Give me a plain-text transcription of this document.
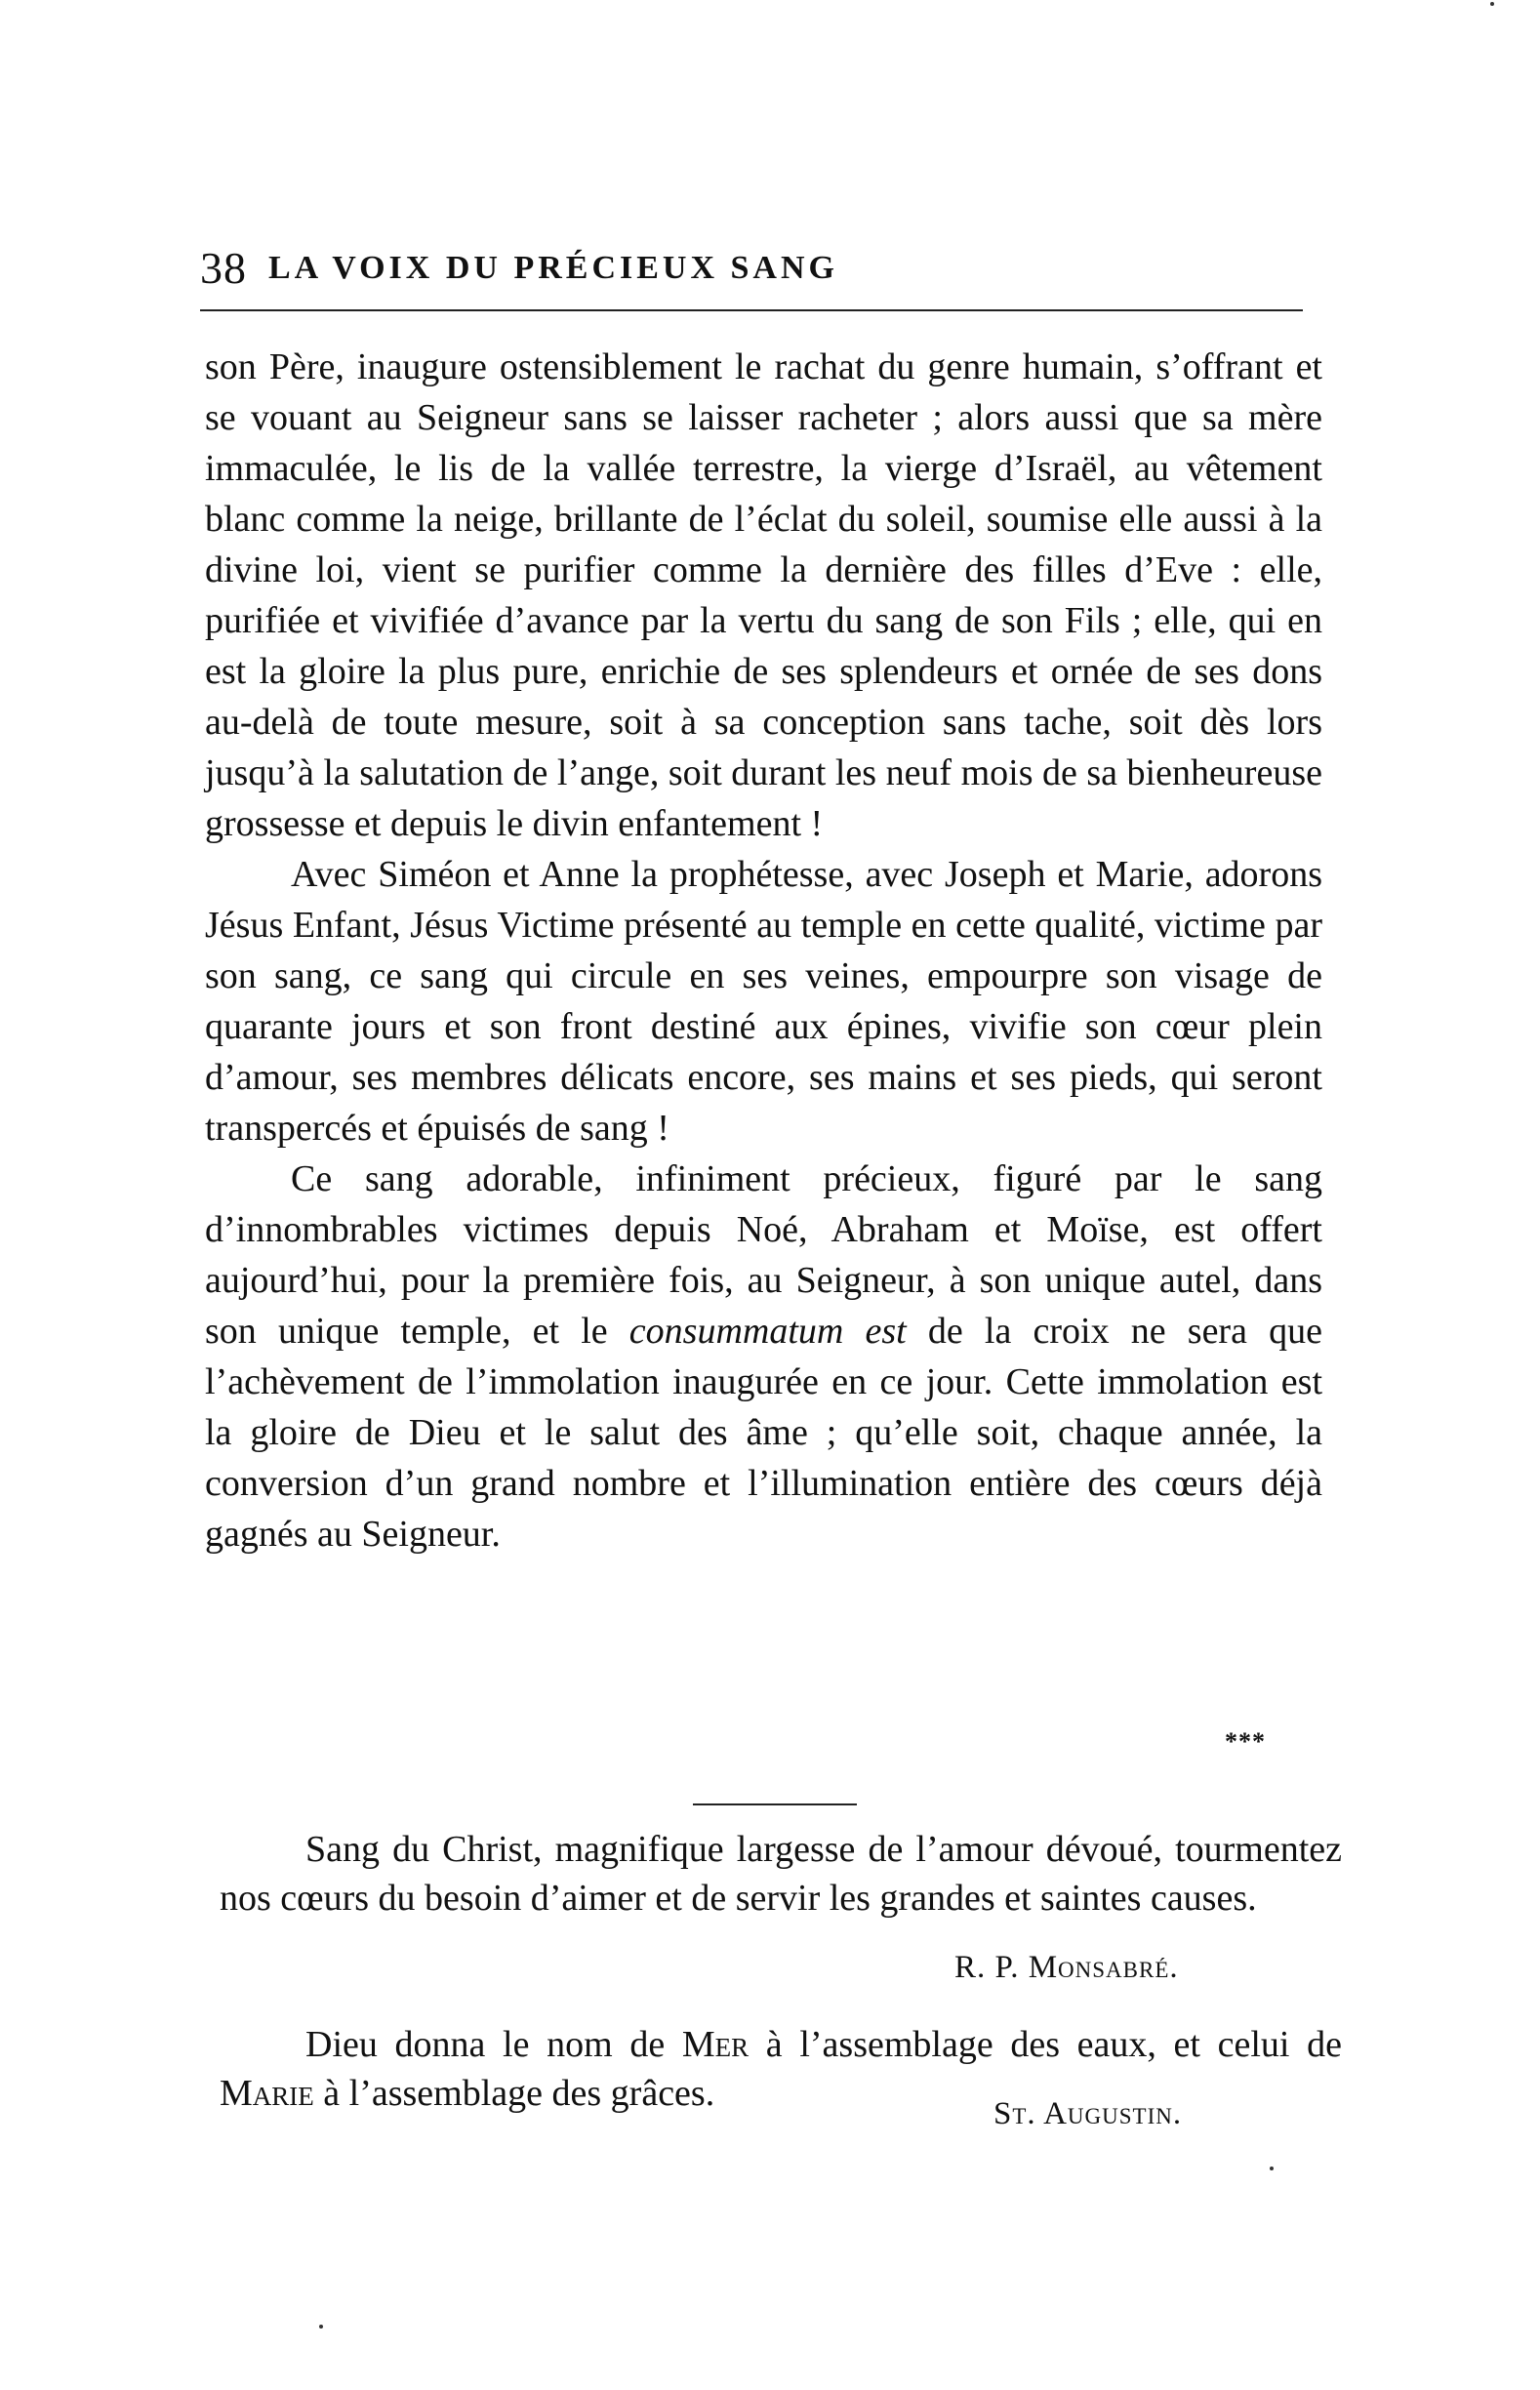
38 LA VOIX DU PRÉCIEUX SANG

son Père, inaugure ostensiblement le rachat du genre humain, s’offrant et se vouant au Seigneur sans se laisser racheter ; alors aussi que sa mère immaculée, le lis de la vallée terrestre, la vierge d’Israël, au vêtement blanc comme la neige, brillante de l’éclat du soleil, soumise elle aussi à la divine loi, vient se purifier comme la dernière des filles d’Eve : elle, purifiée et vivifiée d’avance par la vertu du sang de son Fils ; elle, qui en est la gloire la plus pure, enrichie de ses splendeurs et ornée de ses dons au-delà de toute mesure, soit à sa conception sans tache, soit dès lors jusqu’à la salutation de l’ange, soit durant les neuf mois de sa bienheureuse grossesse et depuis le divin enfantement !

Avec Siméon et Anne la prophétesse, avec Joseph et Marie, adorons Jésus Enfant, Jésus Victime présenté au temple en cette qualité, victime par son sang, ce sang qui circule en ses veines, empourpre son visage de quarante jours et son front destiné aux épines, vivifie son cœur plein d’amour, ses membres délicats encore, ses mains et ses pieds, qui seront transpercés et épuisés de sang !

Ce sang adorable, infiniment précieux, figuré par le sang d’innombrables victimes depuis Noé, Abraham et Moïse, est offert aujourd’hui, pour la première fois, au Seigneur, à son unique autel, dans son unique temple, et le consummatum est de la croix ne sera que l’achèvement de l’immolation inaugurée en ce jour. Cette immolation est la gloire de Dieu et le salut des âme ; qu’elle soit, chaque année, la conversion d’un grand nombre et l’illumination entière des cœurs déjà gagnés au Seigneur.

***

Sang du Christ, magnifique largesse de l’amour dévoué, tourmentez nos cœurs du besoin d’aimer et de servir les grandes et saintes causes.

R. P. Monsabré.

Dieu donna le nom de Mer à l’assemblage des eaux, et celui de Marie à l’assemblage des grâces.	St. Augustin.
